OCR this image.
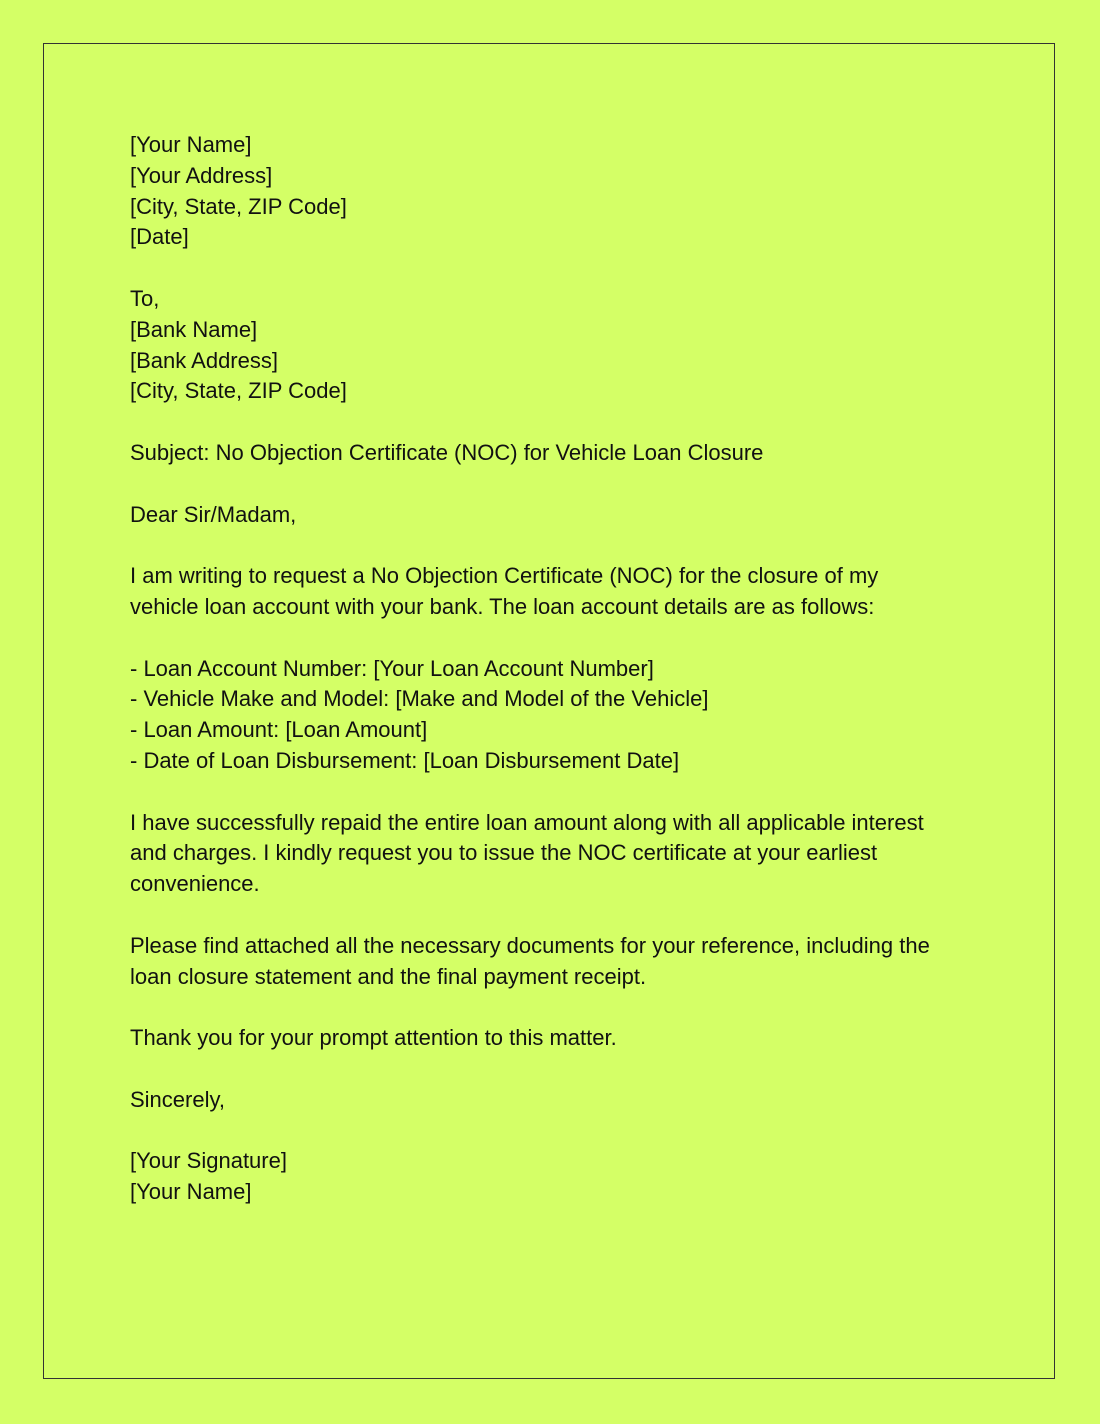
[Your Name]
[Your Address]
[City, State, ZIP Code]
[Date]
To,
[Bank Name]
[Bank Address]
[City, State, ZIP Code]
Subject: No Objection Certificate (NOC) for Vehicle Loan Closure
Dear Sir/Madam,
I am writing to request a No Objection Certificate (NOC) for the closure of my
vehicle loan account with your bank. The loan account details are as follows:
- Loan Account Number: [Your Loan Account Number]
- Vehicle Make and Model: [Make and Model of the Vehicle]
- Loan Amount: [Loan Amount]
- Date of Loan Disbursement: [Loan Disbursement Date]
I have successfully repaid the entire loan amount along with all applicable interest
and charges. I kindly request you to issue the NOC certificate at your earliest
convenience.
Please find attached all the necessary documents for your reference, including the
loan closure statement and the final payment receipt.
Thank you for your prompt attention to this matter.
Sincerely,
[Your Signature]
[Your Name]
